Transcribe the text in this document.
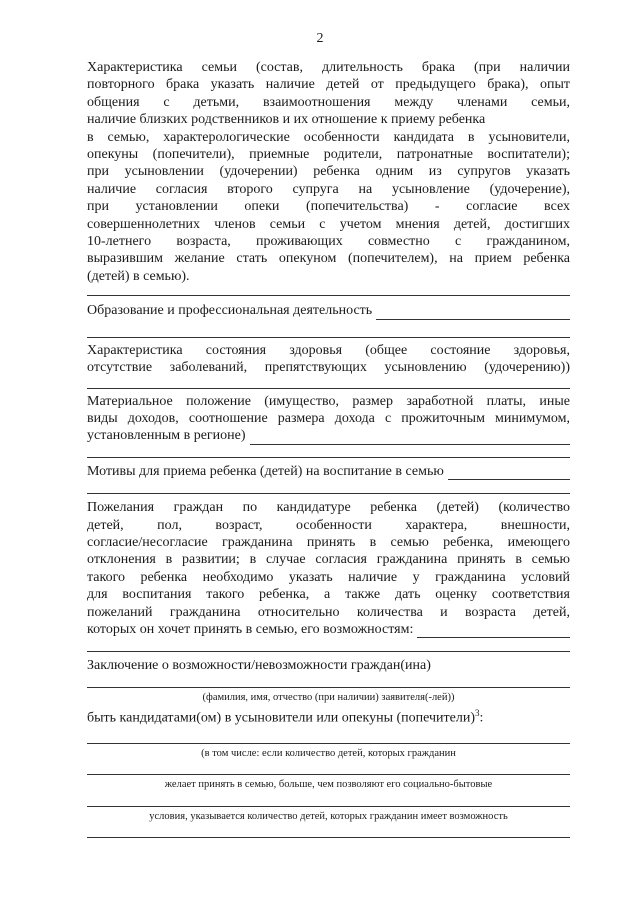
2
Характеристика семьи (состав, длительность брака (при наличии
повторного брака указать наличие детей от предыдущего брака), опыт
общения с детьми, взаимоотношения между членами семьи,
наличие близких родственников и их отношение к приему ребенка
в семью, характерологические особенности кандидата в усыновители,
опекуны (попечители), приемные родители, патронатные воспитатели);
при усыновлении (удочерении) ребенка одним из супругов указать
наличие согласия второго супруга на усыновление (удочерение),
при установлении опеки (попечительства) - согласие всех
совершеннолетних членов семьи с учетом мнения детей, достигших
10-летнего возраста, проживающих совместно с гражданином,
выразившим желание стать опекуном (попечителем), на прием ребенка
(детей) в семью).
Образование и профессиональная деятельность
Характеристика состояния здоровья (общее состояние здоровья,
отсутствие заболеваний, препятствующих усыновлению (удочерению))
Материальное положение (имущество, размер заработной платы, иные
виды доходов, соотношение размера дохода с прожиточным минимумом,
установленным в регионе)
Мотивы для приема ребенка (детей) на воспитание в семью
Пожелания граждан по кандидатуре ребенка (детей) (количество
детей, пол, возраст, особенности характера, внешности,
согласие/несогласие гражданина принять в семью ребенка, имеющего
отклонения в развитии; в случае согласия гражданина принять в семью
такого ребенка необходимо указать наличие у гражданина условий
для воспитания такого ребенка, а также дать оценку соответствия
пожеланий гражданина относительно количества и возраста детей,
которых он хочет принять в семью, его возможностям:
Заключение о возможности/невозможности граждан(ина)
(фамилия, имя, отчество (при наличии) заявителя(-лей))
быть кандидатами(ом) в усыновители или опекуны (попечители)$^3$:
(в том числе: если количество детей, которых гражданин
желает принять в семью, больше, чем позволяют его социально-бытовые
условия, указывается количество детей, которых гражданин имеет возможность
